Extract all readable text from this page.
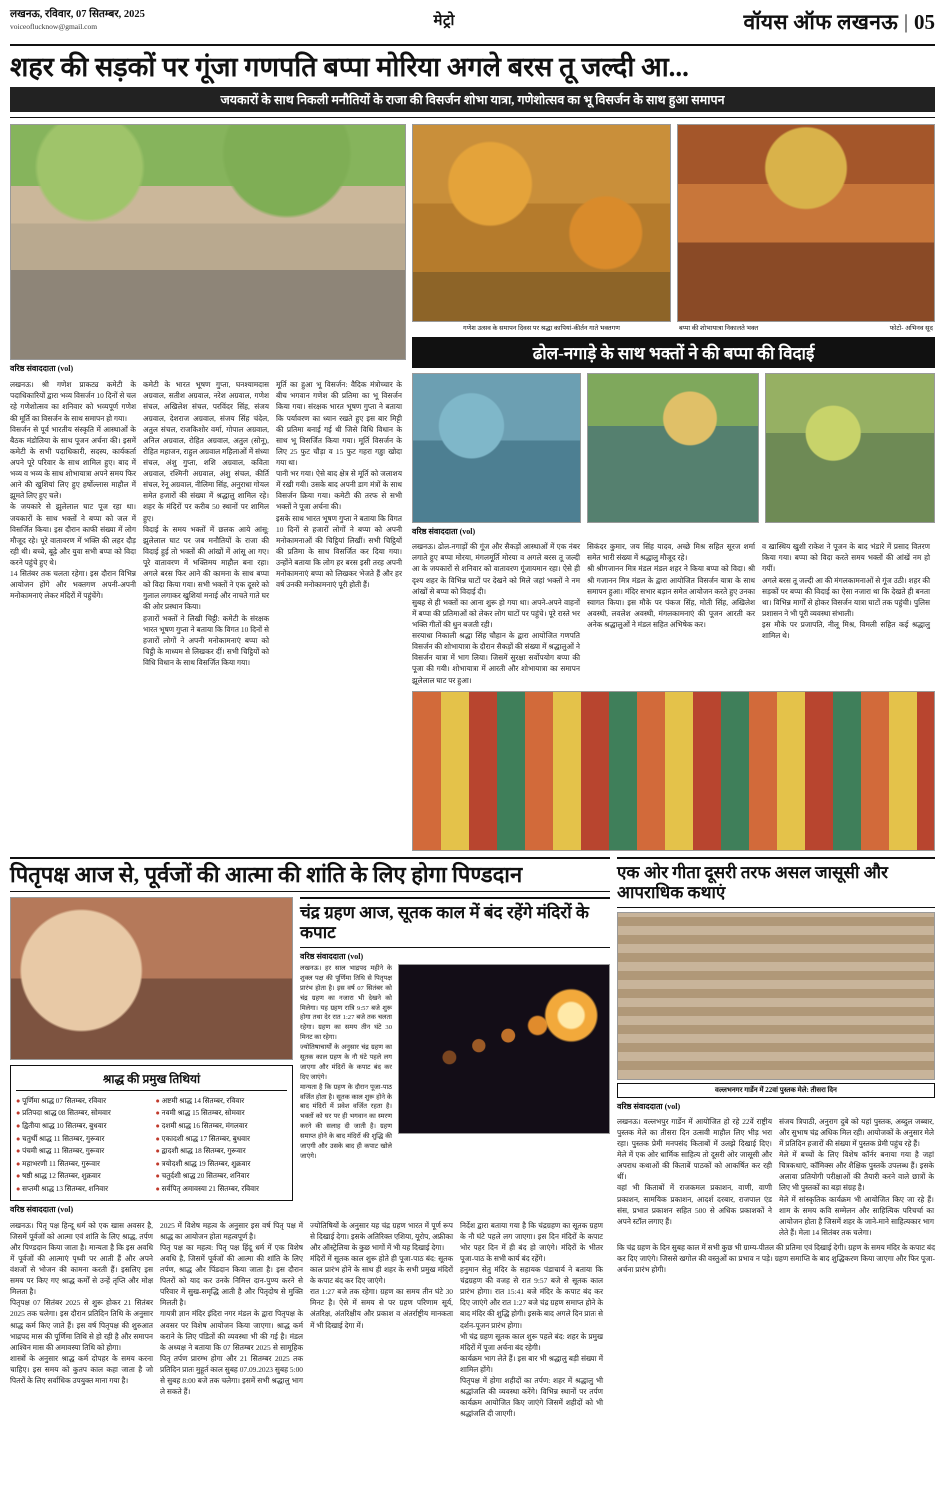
लखनऊ, रविवार, 07 सितम्बर, 2025
voiceoflucknow@gmail.com	मेट्रो	वॉयस ऑफ लखनऊ | 05
शहर की सड़कों पर गूंजा गणपति बप्पा मोरिया अगले बरस तू जल्दी आ...
जयकारों के साथ निकली मनौतियों के राजा की विसर्जन शोभा यात्रा, गणेशोत्सव का भू विसर्जन के साथ हुआ समापन
वरिष्ठ संवाददाता (vol)
लखनऊ। श्री गणेश प्राकट्य कमेटी के पदाधिकारियों द्वारा भव्य विसर्जन 10 दिनों से चल रहे गणेशोत्सव का शनिवार को भव्यपूर्ण गणेश की मूर्ति का विसर्जन के साथ समापन हो गया।
विसर्जन से पूर्व भारतीय संस्कृति में आस्थाओं के बैठक मंडोलिया के साथ पूजन अर्चना की। इसमें कमेटी के सभी पदाधिकारी, सदस्य, कार्यकर्ता अपने पूरे परिवार के साथ शामिल हुए। बाद में भव्य व भव्य के साथ शोभायात्रा अपने समय फिर आने की खुशियां लिए हुए हर्षोल्लास माहौल में झूमते लिए हुए चले।
के जयकारे से झुलेलाल घाट पूज रहा था। जयकारों के साथ भक्तों ने बप्पा को जल में विसर्जित किया। इस दौरान काफी संख्या में लोग मौजूद रहे। पूरे वातावरण में भक्ति की लहर दौड़ रही थी। बच्चे, बूढ़े और युवा सभी बप्पा को विदा करने पहुंचे हुए थे।
14 सितंबर तक चलता रहेगा। इस दौरान विभिन्न आयोजन होंगे और भक्तगण अपनी-अपनी मनोकामनाएं लेकर मंदिरों में पहुंचेंगे।
कमेटी के भारत भूषण गुप्ता, घनश्यामदास अग्रवाल, सतीश अग्रवाल, नरेश अग्रवाल, गणेश संचल, अखिलेश संचल, परविंदर सिंह, संजय अग्रवाल, देशराज अग्रवाल, संजय सिंह चंदेल, अतुल संचल, राजकिशोर वर्मा, गोपाल अग्रवाल, अनिल अग्रवाल, रोहित अग्रवाल, अतुल (सोनू), रोहित महाजन, राहुल अग्रवाल महिलाओं में संध्या संचल, अंशु गुप्ता, शशि अग्रवाल, कविता अग्रवाल, रश्मिनी अग्रवाल, अंशु संचल, कीर्ति संचल, रेनू अग्रवाल, नीलिमा सिंह, अनुराधा गोयल समेत हजारों की संख्या में श्रद्धालु शामिल रहे। शहर के मंदिरों पर करीब 50 स्थानों पर शामिल हुए।
विदाई के समय भक्तों में छलक आये आंसू: झुलेलाल घाट पर जब मनौतियों के राजा की विदाई हुई तो भक्तों की आंखों में आंसू आ गए। पूरे वातावरण में भक्तिमय माहौल बना रहा। अगले बरस फिर आने की कामना के साथ बप्पा को विदा किया गया। सभी भक्तों ने एक दूसरे को गुलाल लगाकर खुशियां मनाई और नाचते गाते घर की ओर प्रस्थान किया।
हजारों भक्तों ने लिखी चिट्ठी: कमेटी के संरक्षक भारत भूषण गुप्ता ने बताया कि विगत 10 दिनों से हजारों लोगों ने अपनी मनोकामनाएं बप्पा को चिट्ठी के माध्यम से लिखकर दीं। सभी चिट्ठियों को विधि विधान के साथ विसर्जित किया गया।
मूर्ति का हुआ भू विसर्जन: वैदिक मंत्रोच्चार के बीच भगवान गणेश की प्रतिमा का भू विसर्जन किया गया। संरक्षक भारत भूषण गुप्ता ने बताया कि पर्यावरण का ध्यान रखते हुए इस बार मिट्टी की प्रतिमा बनाई गई थी जिसे विधि विधान के साथ भू विसर्जित किया गया। मूर्ति विसर्जन के लिए 25 फुट चौड़ा व 15 फुट गहरा गड्ढा खोदा गया था।
पानी भर गया। ऐसे बाद क्षेत्र से मूर्ति को जलाशय में रखी गयी। उसके बाद अपनी डाग मंत्रों के साथ विसर्जन क्रिया गया। कमेटी की तरफ से सभी भक्तों ने पूजा अर्चना की।
इसके साथ भारत भूषण गुप्ता ने बताया कि विगत 10 दिनों से हजारों लोगों ने बप्पा को अपनी मनोकामनाओं की चिट्ठियां लिखीं। सभी चिट्ठियों की प्रतिमा के साथ विसर्जित कर दिया गया। उन्होंने बताया कि लोग हर बरस इसी तरह अपनी मनोकामनाएं बप्पा को लिखकर भेजते हैं और हर वर्ष उनकी मनोकामनाएं पूरी होती हैं।
गणेश उत्सव के समापन दिवस पर श्रद्धा कापियां-कीर्तन गाते भक्तगण	बप्पा की शोभायात्रा निकालते भक्त	फोटो- अभिनव सूद
ढोल-नगाड़े के साथ भक्तों ने की बप्पा की विदाई
वरिष्ठ संवाददाता (vol)
लखनऊ। ढोल-नगाड़ों की गूंज और सैकड़ों आस्थाओं में एक नंबर लगाते हुए बप्पा मोरया, मंगलमूर्ति मोरया व अगले बरस तू जल्दी आ के जयकारों से शनिवार को वातावरण गूंजायमान रहा। ऐसे ही दृश्य शहर के विभिन्न घाटों पर देखने को मिले जहां भक्तों ने नम आंखों से बप्पा को विदाई दी।
सुबह से ही भक्तों का आना शुरू हो गया था। अपने-अपने वाहनों में बप्पा की प्रतिमाओं को लेकर लोग घाटों पर पहुंचे। पूरे रास्ते भर भक्ति गीतों की धुन बजती रही।
सरयाधा निकाली श्रद्धा सिंह चौहान के द्वारा आयोजित गणपति विसर्जन की शोभायात्रा के दौरान सैकड़ों की संख्या में श्रद्धालुओं ने विसर्जन यात्रा में भाग लिया। जिसमें सुरक्षा सर्वोपयोग बप्पा की पूजा की गयी। शोभायात्रा में आरती और शोभायात्रा का समापन झूलेलाल घाट पर हुआ।
सिकंदर कुमार, जय सिंह यादव, अच्छे मिश्र सहित सूरज शर्मा समेत भारी संख्या में श्रद्धालु मौजूद रहे।
श्री श्रीगजानन मित्र मंडल मंडल शहर ने किया बप्पा को विदा। श्री श्री गजानन मित्र मंडल के द्वारा आयोजित विसर्जन यात्रा के साथ समापन हुआ। मंदिर सभार बड़ान समेत आयोजन करते हुए उनका स्वागत किया। इस मौके पर पंकज सिंह, मोती सिंह, अखिलेश अवस्थी, लवलेश अवस्थी, मंगलकामनाएं की पूजन आरती कर अनेक श्रद्धालुओं ने मंडल सहित अभिषेक कर।
व खास्थिय खुशी राकेश ने पूजन के बाद भंडारे में प्रसाद वितरण किया गया। बप्पा को विदा करते समय भक्तों की आंखें नम हो गयीं।
अगले बरस तू जल्दी आ की मंगलकामनाओं से गूंज उठी। शहर की सड़कों पर बप्पा की विदाई का ऐसा नजारा था कि देखते ही बनता था। विभिन्न मार्गों से होकर विसर्जन यात्रा घाटों तक पहुंची। पुलिस प्रशासन ने भी पूरी व्यवस्था संभाली।
इस मौके पर प्रजापति, नीलू मिश्र, विमली सहित कई श्रद्धालु शामिल थे।
पितृपक्ष आज से, पूर्वजों की आत्मा की शांति के लिए होगा पिण्डदान
श्राद्ध की प्रमुख तिथियां
● पूर्णिमा श्राद्ध 07 सितम्बर, रविवार
● प्रतिपदा श्राद्ध 08 सितम्बर, सोमवार
● द्वितीया श्राद्ध 10 सितम्बर, बुधवार
● चतुर्थी श्राद्ध 11 सितम्बर, गुरूवार
● पंचमी श्राद्ध 11 सितम्बर, गुरूवार
● महाभरणी 11 सितम्बर, गुरूवार
● षष्ठी श्राद्ध 12 सितम्बर, शुक्रवार
● सप्तमी श्राद्ध 13 सितम्बर, शनिवार
● अष्टमी श्राद्ध 14 सितम्बर, रविवार
● नवमी श्राद्ध 15 सितम्बर, सोमवार
● दशमी श्राद्ध 16 सितम्बर, मंगलवार
● एकादशी श्राद्ध 17 सितम्बर, बुधवार
● द्वादशी श्राद्ध 18 सितम्बर, गुरूवार
● त्रयोदशी श्राद्ध 19 सितम्बर, शुक्रवार
● चतुर्दशी श्राद्ध 20 सितम्बर, शनिवार
● सर्वपितृ अमावस्या 21 सितम्बर, रविवार
चंद्र ग्रहण आज, सूतक काल में बंद रहेंगे मंदिरों के कपाट
वरिष्ठ संवाददाता (vol)
लखनऊ। हर साल भाद्रपद महीने के शुक्ल पक्ष की पूर्णिमा तिथि से पितृपक्ष प्रारंभ होता है। इस वर्ष 07 सितंबर को चंद्र ग्रहण का नजारा भी देखने को मिलेगा। यह ग्रहण रात्रि 9:57 बजे शुरू होगा तथा देर रात 1:27 बजे तक चलता रहेगा। ग्रहण का समय तीन घंटे 30 मिनट का रहेगा।
ज्योतिषाचार्यों के अनुसार चंद्र ग्रहण का सूतक काल ग्रहण के नौ घंटे पहले लग जाएगा और मंदिरों के कपाट बंद कर दिए जाएंगे।
मान्यता है कि ग्रहण के दौरान पूजा-पाठ वर्जित होता है। सूतक काल शुरू होने के बाद मंदिरों में प्रवेश वर्जित रहता है। भक्तों को घर पर ही भगवान का स्मरण करने की सलाह दी जाती है। ग्रहण समाप्त होने के बाद मंदिरों की शुद्धि की जाएगी और उसके बाद ही कपाट खोले जाएंगे।
वरिष्ठ संवाददाता (vol)
लखनऊ। पितृ पक्ष हिन्दू धर्म को एक खास अवसर है, जिसमें पूर्वजों को आत्मा एवं शांति के लिए श्राद्ध, तर्पण और पिण्डदान किया जाता है। मान्यता है कि इस अवधि में पूर्वजों की आत्माएं पृथ्वी पर आती हैं और अपने वंशजों से भोजन की कामना करती हैं। इसलिए इस समय पर किए गए श्राद्ध कर्मों से उन्हें तृप्ति और मोक्ष मिलता है।
पितृपक्ष 07 सितंबर 2025 से शुरू होकर 21 सितंबर 2025 तक चलेगा। इस दौरान प्रतिदिन तिथि के अनुसार श्राद्ध कर्म किए जाते हैं। इस वर्ष पितृपक्ष की शुरुआत भाद्रपद मास की पूर्णिमा तिथि से हो रही है और समापन आश्विन मास की अमावस्या तिथि को होगा।
शास्त्रों के अनुसार श्राद्ध कर्म दोपहर के समय करना चाहिए। इस समय को कुतप काल कहा जाता है जो पितरों के लिए सर्वाधिक उपयुक्त माना गया है।
2025 में विशेष महत्व के अनुसार इस वर्ष पितृ पक्ष में श्राद्ध का आयोजन होता महत्वपूर्ण है।
पितृ पक्ष का महत्व: पितृ पक्ष हिंदू धर्म में एक विशेष अवधि है, जिसमें पूर्वजों की आत्मा की शांति के लिए तर्पण, श्राद्ध और पिंडदान किया जाता है। इस दौरान पितरों को याद कर उनके निमित्त दान-पुण्य करने से परिवार में सुख-समृद्धि आती है और पितृदोष से मुक्ति मिलती है।
गायत्री ज्ञान मंदिर इंदिरा नगर मंडल के द्वारा पितृपक्ष के अवसर पर विशेष आयोजन किया जाएगा। श्राद्ध कर्म कराने के लिए पंडितों की व्यवस्था भी की गई है। मंडल के अध्यक्ष ने बताया कि 07 सितम्बर 2025 से सामूहिक पितृ तर्पण प्रारम्भ होगा और 21 सितम्बर 2025 तक प्रतिदिन प्रातः मुहूर्त काल सुबह 07.09.2023 सुबह 5:00 से सुबह 8:00 बजे तक चलेगा। इसमें सभी श्रद्धालु भाग ले सकते हैं।
ज्योतिषियों के अनुसार यह चंद्र ग्रहण भारत में पूर्ण रूप से दिखाई देगा। इसके अतिरिक्त एशिया, यूरोप, अफ्रीका और ऑस्ट्रेलिया के कुछ भागों में भी यह दिखाई देगा।
मंदिरों में सूतक काल शुरू होते ही पूजा-पाठ बंद: सूतक काल प्रारंभ होने के साथ ही शहर के सभी प्रमुख मंदिरों के कपाट बंद कर दिए जाएंगे।
रात 1:27 बजे तक रहेगा। ग्रहण का समय तीन घंटे 30 मिनट है। ऐसे में समय से पर ग्रहण परिणाम सूर्य, अंतरिक्ष, अंतरिक्षीय और प्रकाश व अंतर्राष्ट्रीय मानकता में भी दिखाई देगा में।
निर्देश द्वारा बताया गया है कि चंद्रग्रहण का सूतक ग्रहण के नौ घंटे पहले लग जाएगा। इस दिन मंदिरों के कपाट भोर पहर दिन में ही बंद हो जाएंगे। मंदिरों के भीतर पूजा-पाठ के सभी कार्य बंद रहेंगे।
हनुमान सेतु मंदिर के सहायक पंडाचार्य ने बताया कि चंद्रग्रहण की वजह से रात 9:57 बजे से सूतक काल प्रारंभ होगा। रात 15:41 बजे मंदिर के कपाट बंद कर दिए जाएंगे और रात 1:27 बजे चंद्र ग्रहण समाप्त होने के बाद मंदिर की शुद्धि होगी। इसके बाद अगले दिन प्रातः से दर्शन-पूजन प्रारंभ होगा।
भी चंद्र ग्रहण सूतक काल शुरू पहले बंद: शहर के प्रमुख मंदिरों में पूजा अर्चना बंद रहेगी।
कार्यक्रम भाग लेते हैं। इस बार भी श्रद्धालु बड़ी संख्या में शामिल होंगे।
पितृपक्ष में होगा शहीदों का तर्पण: शहर में श्रद्धालु भी श्रद्धांजलि की व्यवस्था करेंगे। विभिन्न स्थानों पर तर्पण कार्यक्रम आयोजित किए जाएंगे जिसमें शहीदों को भी श्रद्धांजलि दी जाएगी।
एक ओर गीता दूसरी तरफ असल जासूसी और आपराधिक कथाएं
वल्लभनगर गार्डेन में 22वां पुस्तक मेले: तीसरा दिन
वरिष्ठ संवाददाता (vol)
लखनऊ। वल्लभपुर गार्डेन में आयोजित हो रहे 22वें राष्ट्रीय पुस्तक मेले का तीसरा दिन उत्सवी माहौल लिए भीड़ भरा रहा। पुस्तक प्रेमी मनपसंद किताबों में उलझे दिखाई दिए। मेले में एक ओर धार्मिक साहित्य तो दूसरी ओर जासूसी और अपराध कथाओं की किताबें पाठकों को आकर्षित कर रही थीं।
वहां भी किताबों में राजकमल प्रकाशन, वाणी, वाणी प्रकाशन, सामयिक प्रकाशन, आदर्श दरबार, राजपाल एंड संस, प्रभात प्रकाशन सहित 500 से अधिक प्रकाशकों ने अपने स्टॉल लगाए हैं।
संजय त्रिपाठी, अनुराग दुबे को यहां पुस्तक, अब्दुल जब्बार, और सुभाष चंद्र अधिक मिल रही। आयोजकों के अनुसार मेले में प्रतिदिन हजारों की संख्या में पुस्तक प्रेमी पहुंच रहे हैं।
मेले में बच्चों के लिए विशेष कॉर्नर बनाया गया है जहां चित्रकथाएं, कॉमिक्स और शैक्षिक पुस्तकें उपलब्ध हैं। इसके अलावा प्रतियोगी परीक्षाओं की तैयारी करने वाले छात्रों के लिए भी पुस्तकों का बड़ा संग्रह है।
मेले में सांस्कृतिक कार्यक्रम भी आयोजित किए जा रहे हैं। शाम के समय कवि सम्मेलन और साहित्यिक परिचर्चा का आयोजन होता है जिसमें शहर के जाने-माने साहित्यकार भाग लेते हैं। मेला 14 सितंबर तक चलेगा।
कि चंद्र ग्रहण के दिन सुबह काल में सभी कुछ भी ग्राम्य-पीतल की प्रतिमा एवं दिखाई देगी। ग्रहण के समय मंदिर के कपाट बंद कर दिए जाएंगे। जिससे खगोल की वस्तुओं का प्रभाव न पड़े। ग्रहण समाप्ति के बाद शुद्धिकरण किया जाएगा और फिर पूजा-अर्चना प्रारंभ होगी।
